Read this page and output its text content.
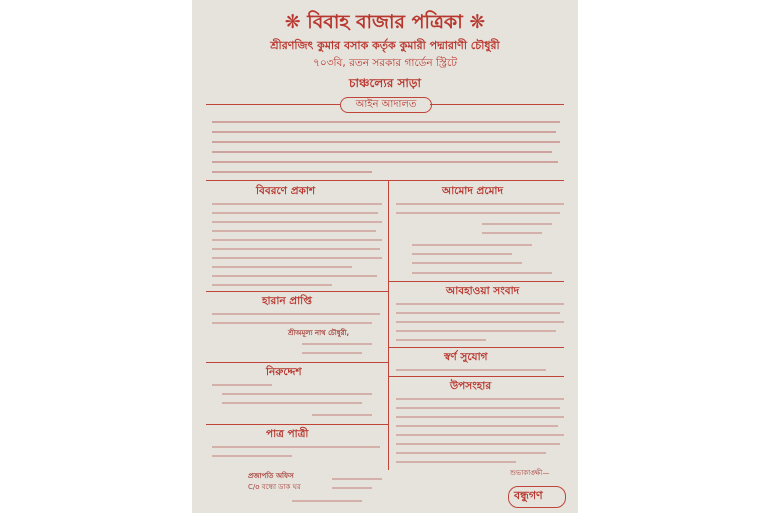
❋ বিবাহ বাজার পত্রিকা ❋
শ্রীরণজিৎ কুমার বসাক কর্তৃক কুমারী পদ্মারাণী চৌধুরী
৭০৩বি, রতন সরকার গার্ডেন স্ট্রিটে
চাঞ্চল্যের সাড়া
আইন আদালত
বিবরণে প্রকাশ
হারান প্রাপ্তি
শ্রীঅমূল্য নাথ চৌধুরী,
নিরুদ্দেশ
পাত্র পাত্রী
আমোদ প্রমোদ
আবহাওয়া সংবাদ
স্বর্ণ সুযোগ
উপসংহার
প্রজাপতি অফিস
C/o বন্ধো ডাক ঘর
শুভাকাঙ্ক্ষী—
বন্ধুগণ
